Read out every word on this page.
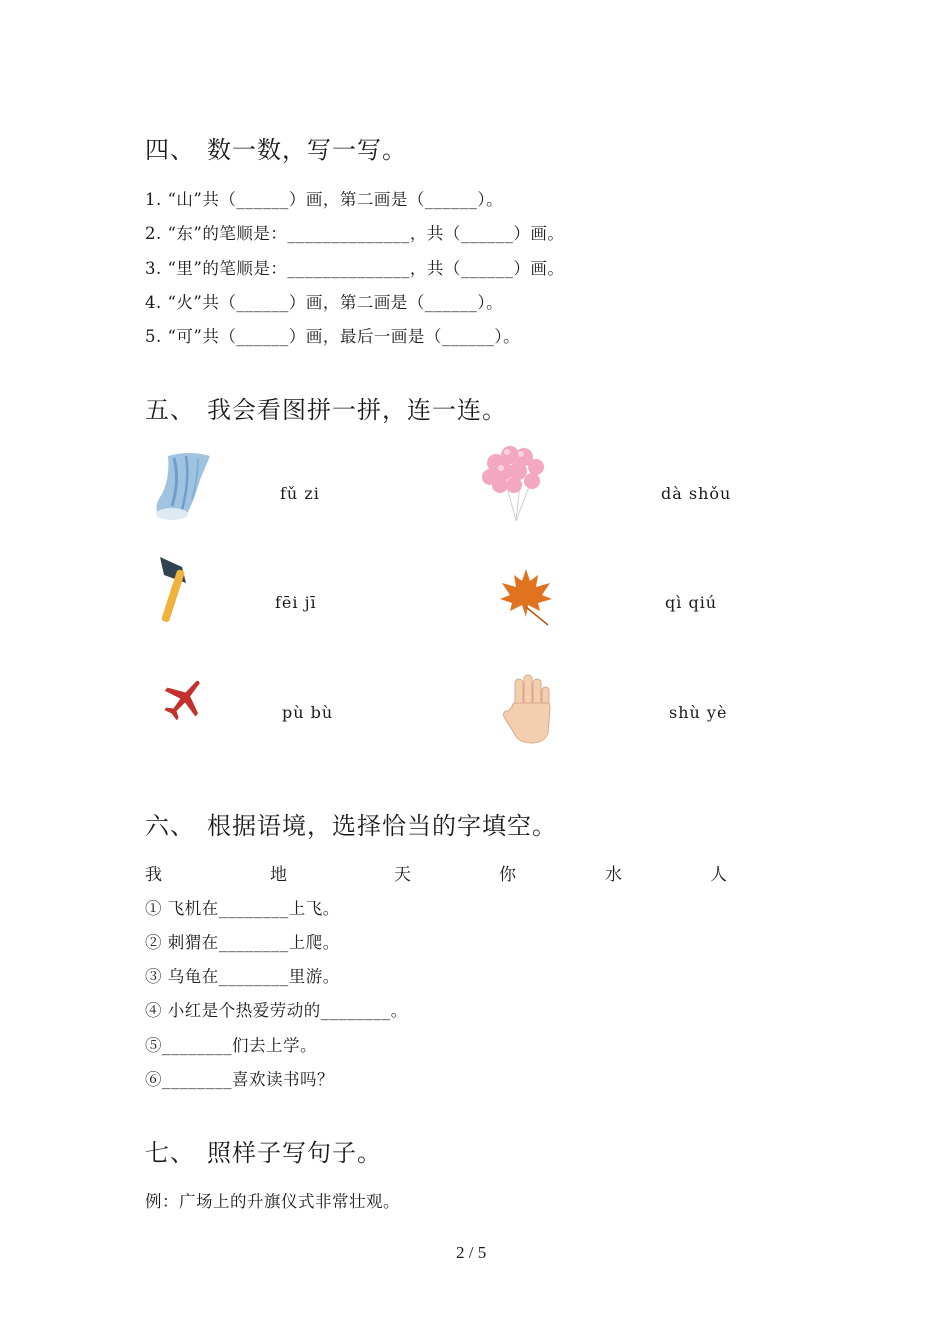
四、 数一数，写一写。
1. “山”共（______）画，第二画是（______）。
2. “东”的笔顺是：______________，共（______）画。
3. “里”的笔顺是：______________，共（______）画。
4. “火”共（______）画，第二画是（______）。
5. “可”共（______）画，最后一画是（______）。
五、 我会看图拼一拼，连一连。
fǔ zi
fēi jī
pù bù
dà shǒu
qì qiú
shù yè
六、 根据语境，选择恰当的字填空。
我	地	天	你	水	人
① 飞机在________上飞。
② 刺猬在________上爬。
③ 乌龟在________里游。
④ 小红是个热爱劳动的________。
⑤________们去上学。
⑥________喜欢读书吗？
七、 照样子写句子。
例：广场上的升旗仪式非常壮观。
2 / 5
